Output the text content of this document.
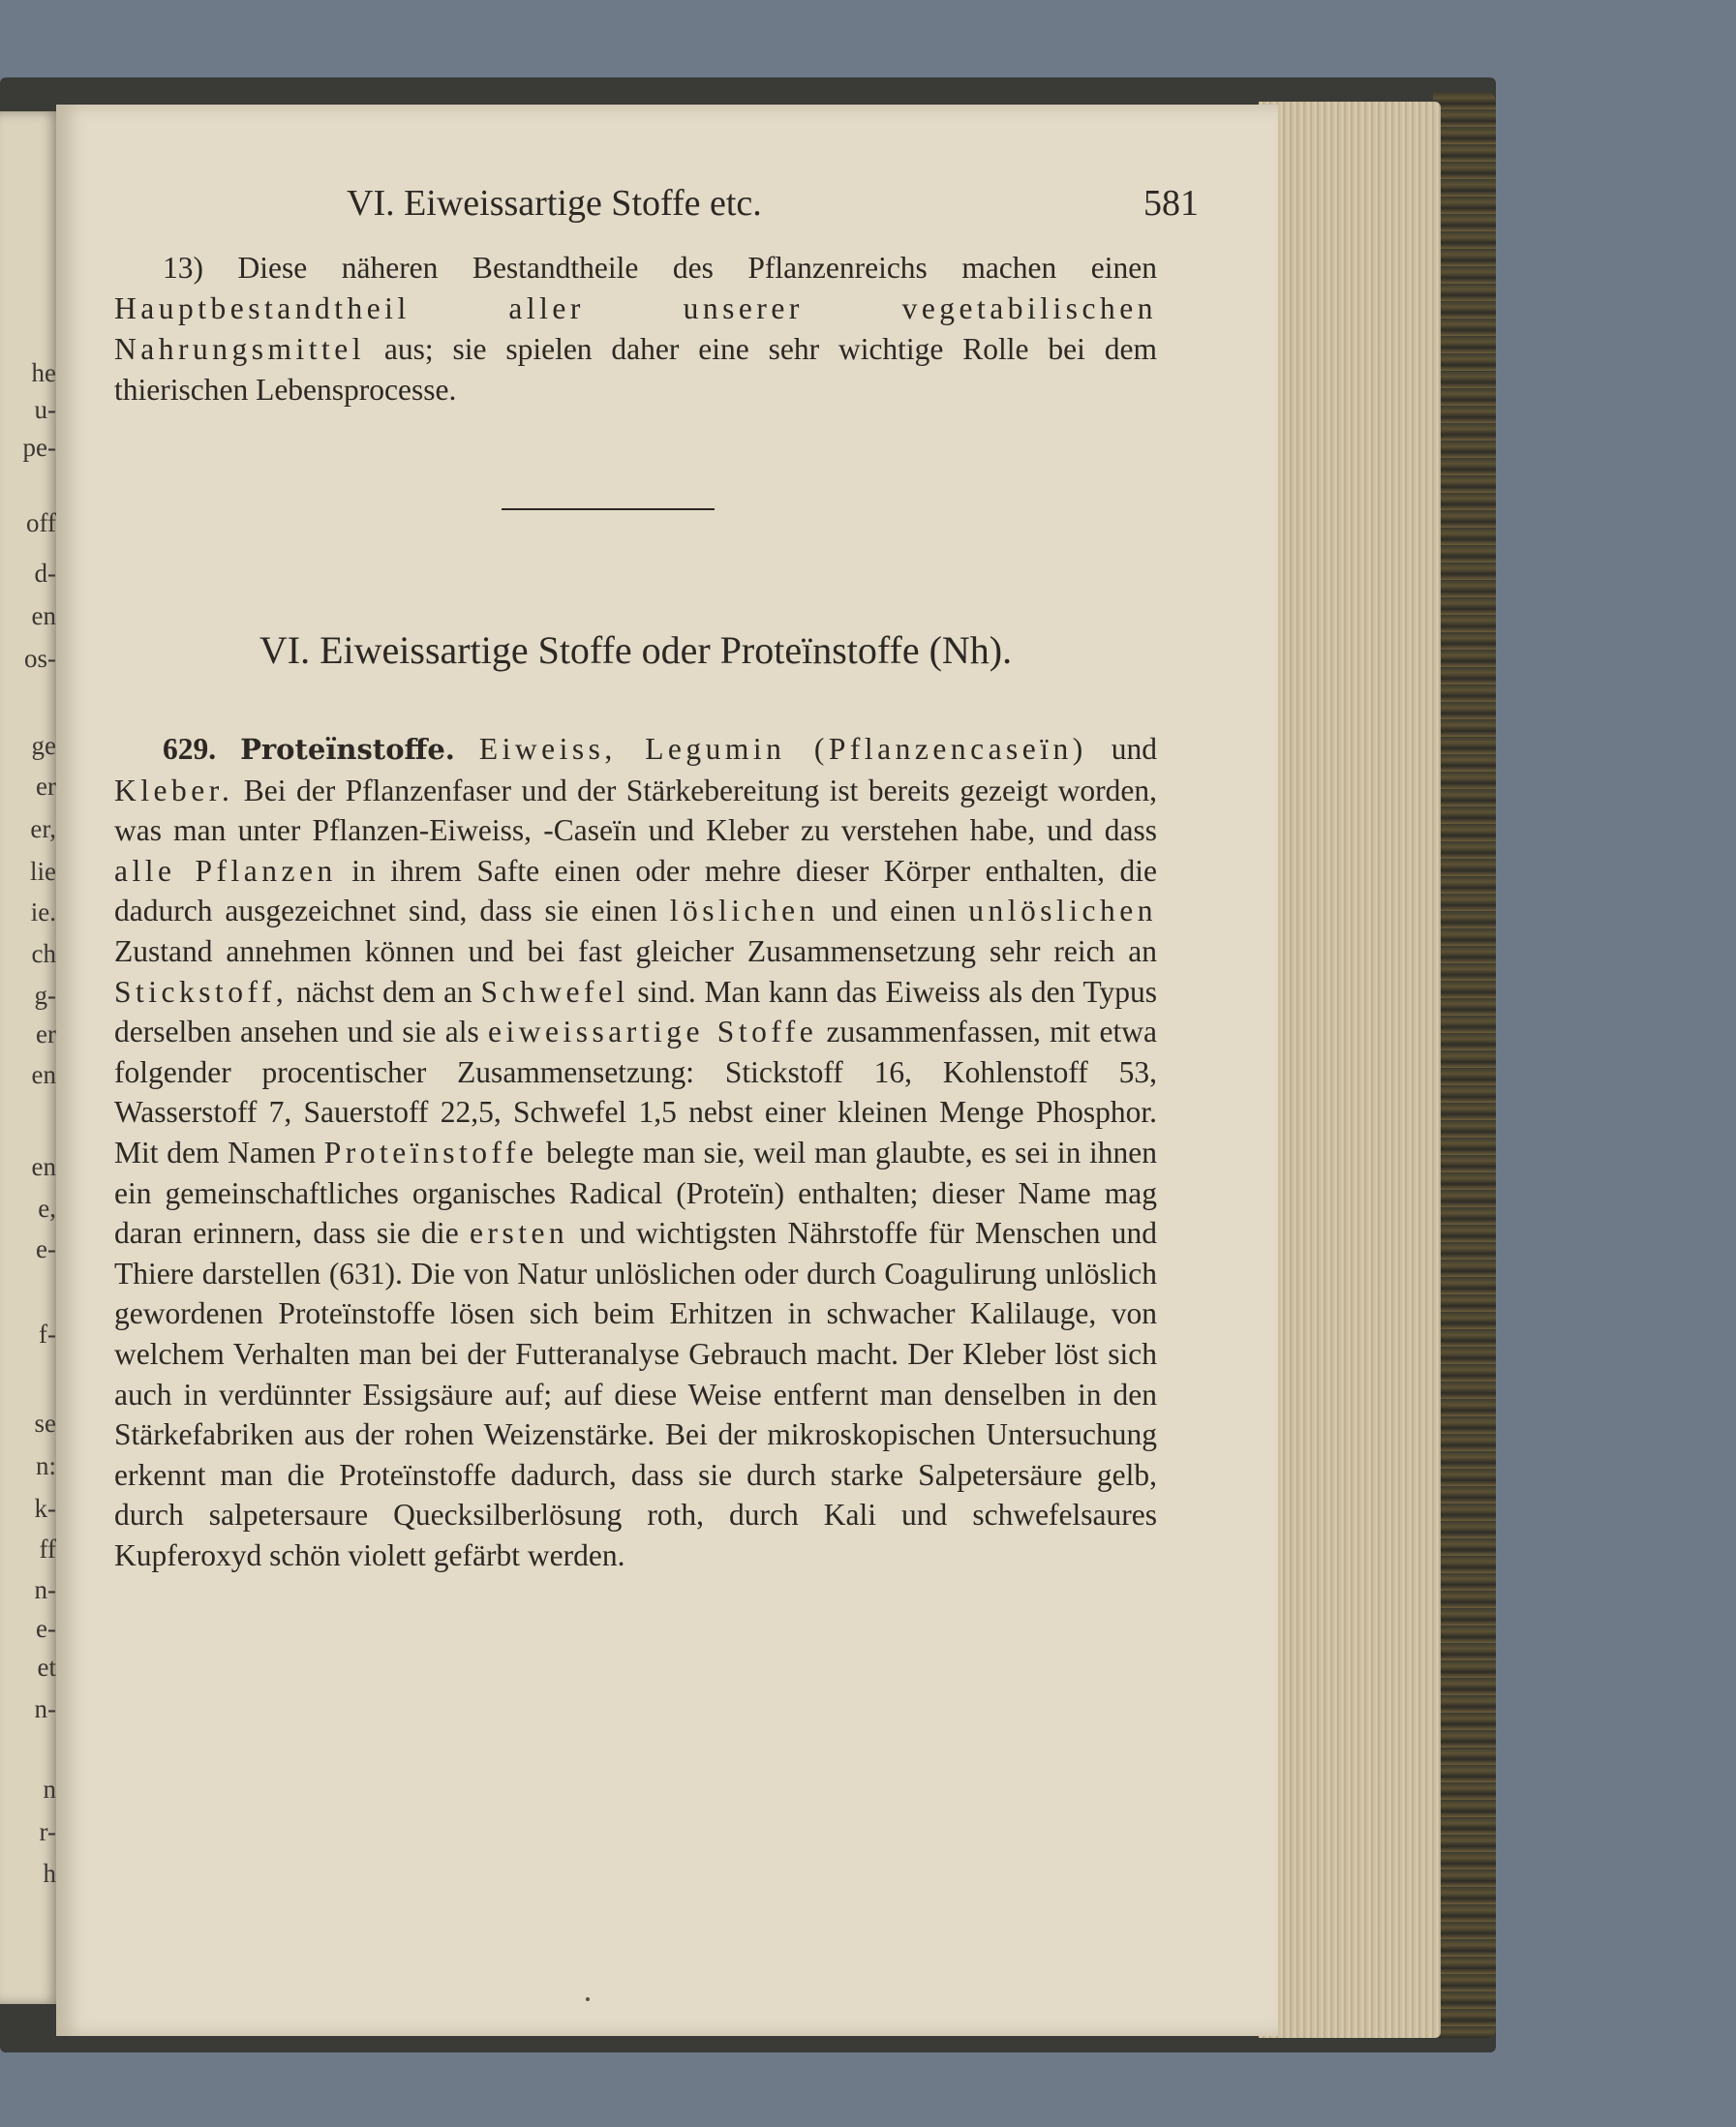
he
u-
pe-
off
d-
en
os-
ge
er
er,
lie
ie.
ch
g-
er
en
en
e,
e-
f-
se
n:
k-
ff
n-
e-
et
n-
n
r-
h
VI. Eiweissartige Stoffe etc.	581

13) Diese näheren Bestandtheile des Pflanzenreichs machen einen Hauptbestandtheil aller unserer vegetabilischen Nahrungsmittel aus; sie spielen daher eine sehr wichtige Rolle bei dem thierischen Lebensprocesse.

VI. Eiweissartige Stoffe oder Proteïnstoffe (Nh).

629. Proteïnstoffe. Eiweiss, Legumin (Pflanzencaseïn) und Kleber. Bei der Pflanzenfaser und der Stärkebereitung ist bereits gezeigt worden, was man unter Pflanzen-Eiweiss, -Caseïn und Kleber zu verstehen habe, und dass alle Pflanzen in ihrem Safte einen oder mehre dieser Körper enthalten, die dadurch ausgezeichnet sind, dass sie einen löslichen und einen unlöslichen Zustand annehmen können und bei fast gleicher Zusammensetzung sehr reich an Stickstoff, nächst dem an Schwefel sind. Man kann das Eiweiss als den Typus derselben ansehen und sie als eiweissartige Stoffe zusammenfassen, mit etwa folgender procentischer Zusammensetzung: Stickstoff 16, Kohlenstoff 53, Wasserstoff 7, Sauerstoff 22,5, Schwefel 1,5 nebst einer kleinen Menge Phosphor. Mit dem Namen Proteïnstoffe belegte man sie, weil man glaubte, es sei in ihnen ein gemeinschaftliches organisches Radical (Proteïn) enthalten; dieser Name mag daran erinnern, dass sie die ersten und wichtigsten Nährstoffe für Menschen und Thiere darstellen (631). Die von Natur unlöslichen oder durch Coagulirung unlöslich gewordenen Proteïnstoffe lösen sich beim Erhitzen in schwacher Kalilauge, von welchem Verhalten man bei der Futteranalyse Gebrauch macht. Der Kleber löst sich auch in verdünnter Essigsäure auf; auf diese Weise entfernt man denselben in den Stärkefabriken aus der rohen Weizenstärke. Bei der mikroskopischen Untersuchung erkennt man die Proteïnstoffe dadurch, dass sie durch starke Salpetersäure gelb, durch salpetersaure Quecksilberlösung roth, durch Kali und schwefelsaures Kupferoxyd schön violett gefärbt werden.
